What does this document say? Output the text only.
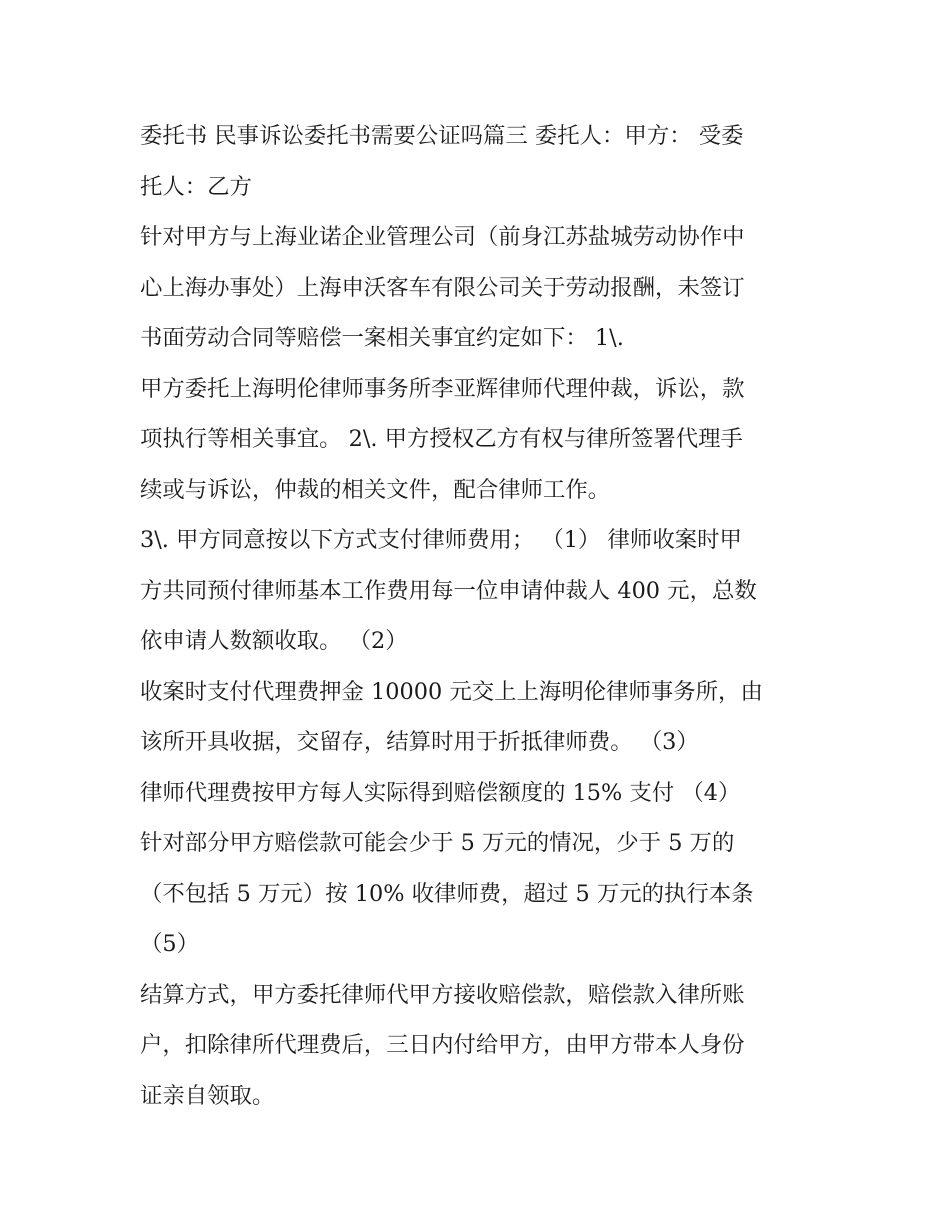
委托书 民事诉讼委托书需要公证吗篇三 委托人：甲方： 受委
托人：乙方
针对甲方与上海业诺企业管理公司（前身江苏盐城劳动协作中
心上海办事处）上海申沃客车有限公司关于劳动报酬，未签订
书面劳动合同等赔偿一案相关事宜约定如下： 1\.
甲方委托上海明伦律师事务所李亚辉律师代理仲裁，诉讼，款
项执行等相关事宜。 2\. 甲方授权乙方有权与律所签署代理手
续或与诉讼，仲裁的相关文件，配合律师工作。
3\. 甲方同意按以下方式支付律师费用； （1） 律师收案时甲
方共同预付律师基本工作费用每一位申请仲裁人 400 元，总数
依申请人数额收取。 （2）
收案时支付代理费押金 10000 元交上上海明伦律师事务所，由
该所开具收据，交留存，结算时用于折抵律师费。 （3）
律师代理费按甲方每人实际得到赔偿额度的 15% 支付 （4）
针对部分甲方赔偿款可能会少于 5 万元的情况，少于 5 万的
（不包括 5 万元）按 10% 收律师费，超过 5 万元的执行本条
（5）
结算方式，甲方委托律师代甲方接收赔偿款，赔偿款入律所账
户，扣除律所代理费后，三日内付给甲方，由甲方带本人身份
证亲自领取。
